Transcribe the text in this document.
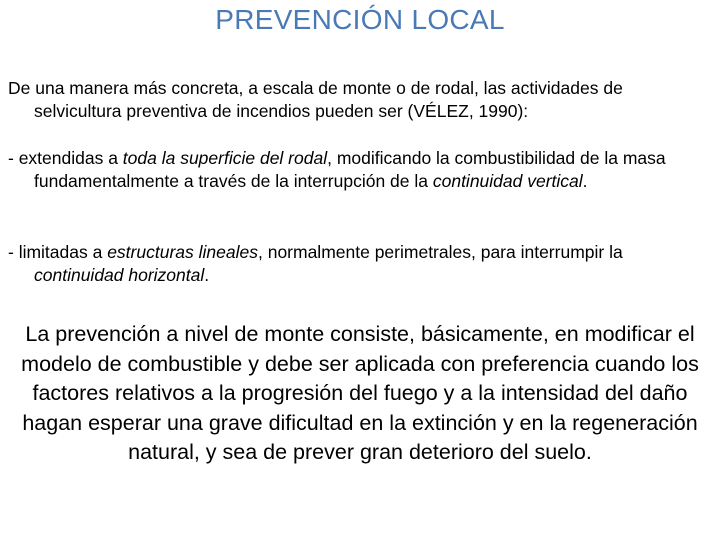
PREVENCIÓN LOCAL
De una manera más concreta, a escala de monte o de rodal, las actividades de selvicultura preventiva de incendios pueden ser (VÉLEZ, 1990):
- extendidas a toda la superficie del rodal, modificando la combustibilidad de la masa fundamentalmente a través de la interrupción de la continuidad vertical.
- limitadas a estructuras lineales, normalmente perimetrales, para interrumpir la continuidad horizontal.
La prevención a nivel de monte consiste, básicamente, en modificar el modelo de combustible y debe ser aplicada con preferencia cuando los factores relativos a la progresión del fuego y a la intensidad del daño hagan esperar una grave dificultad en la extinción y en la regeneración natural, y sea de prever gran deterioro del suelo.
